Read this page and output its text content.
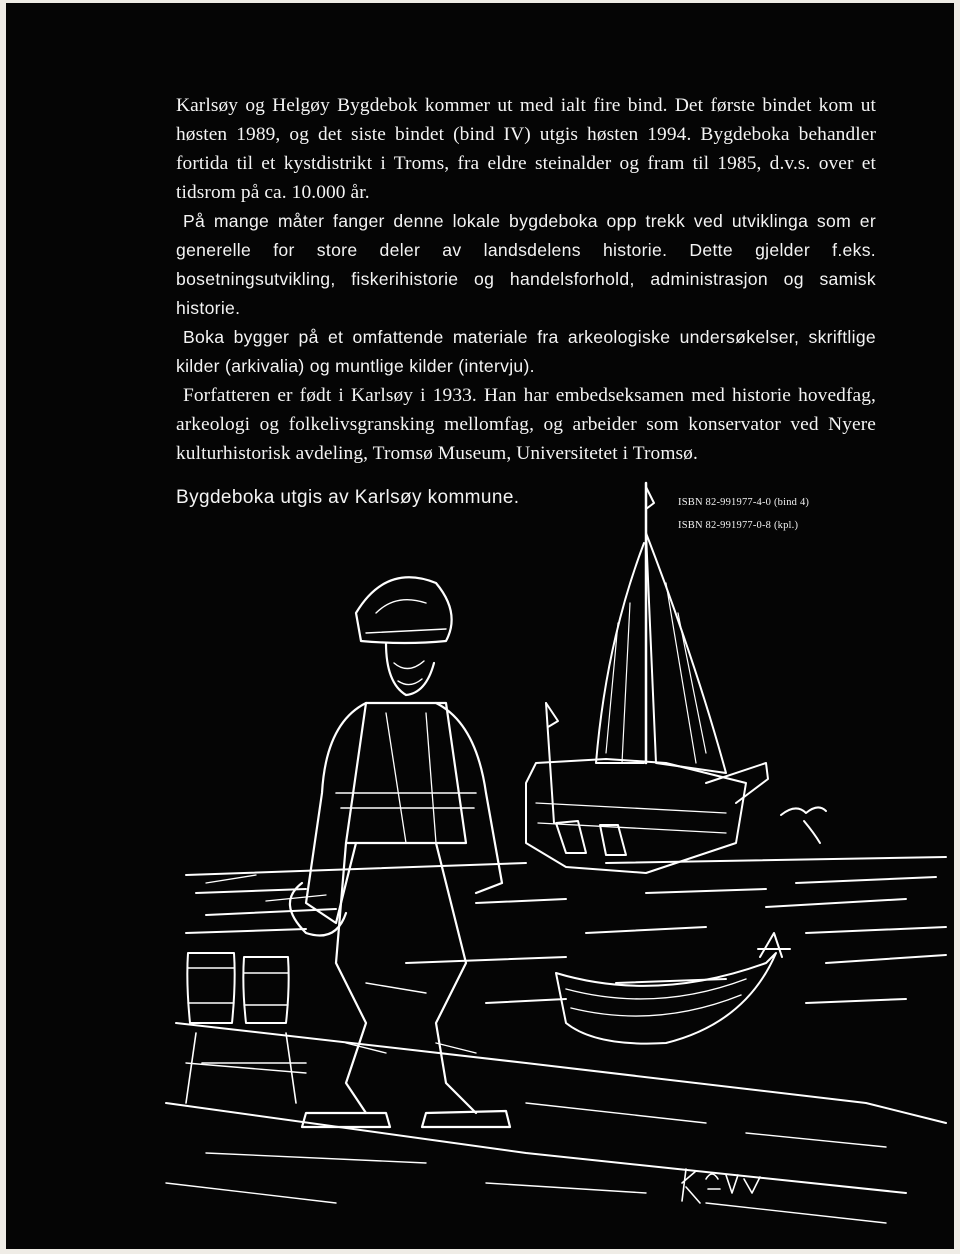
Karlsøy og Helgøy Bygdebok kommer ut med ialt fire bind. Det første bindet kom ut høsten 1989, og det siste bindet (bind IV) utgis høsten 1994. Bygdeboka behandler fortida til et kystdistrikt i Troms, fra eldre steinalder og fram til 1985, d.v.s. over et tidsrom på ca. 10.000 år.

På mange måter fanger denne lokale bygdeboka opp trekk ved utviklinga som er generelle for store deler av landsdelens historie. Dette gjelder f.eks. bosetningsutvikling, fiskerihistorie og handelsforhold, administrasjon og samisk historie.

Boka bygger på et omfattende materiale fra arkeologiske undersøkelser, skriftlige kilder (arkivalia) og muntlige kilder (intervju).

Forfatteren er født i Karlsøy i 1933. Han har embedseksamen med historie hovedfag, arkeologi og folkelivsgransking mellomfag, og arbeider som konservator ved Nyere kulturhistorisk avdeling, Tromsø Museum, Universitetet i Tromsø.

Bygdeboka utgis av Karlsøy kommune.	ISBN 82-991977-4-0 (bind 4)
ISBN 82-991977-0-8 (kpl.)
